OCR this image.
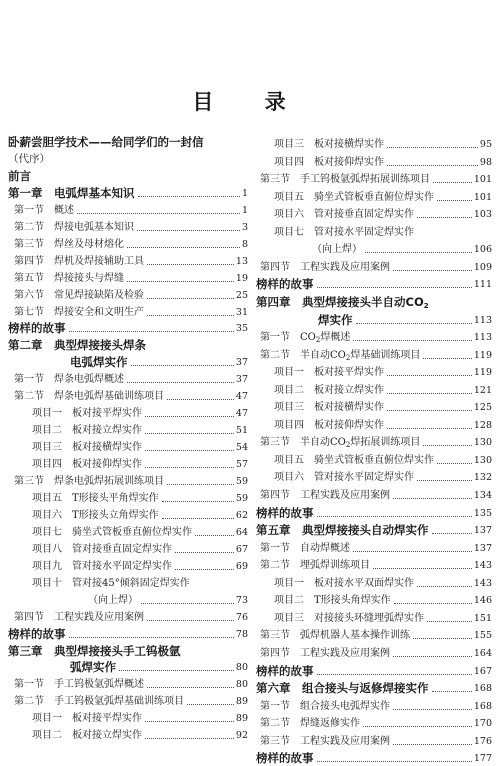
目 录
卧薪尝胆学技术——给同学们的一封信
（代序）
前言
第一章　电弧焊基本知识	1
第一节　概述	1
第二节　焊接电弧基本知识	3
第三节　焊丝及母材熔化	8
第四节　焊机及焊接辅助工具	13
第五节　焊接接头与焊缝	19
第六节　常见焊接缺陷及检验	25
第七节　焊接安全和文明生产	31
榜样的故事	35
第二章　典型焊接接头焊条
电弧焊实作	37
第一节　焊条电弧焊概述	37
第二节　焊条电弧焊基础训练项目	47
项目一　板对接平焊实作	47
项目二　板对接立焊实作	51
项目三　板对接横焊实作	54
项目四　板对接仰焊实作	57
第三节　焊条电弧焊拓展训练项目	59
项目五　T形接头平角焊实作	59
项目六　T形接头立角焊实作	62
项目七　骑坐式管板垂直俯位焊实作	64
项目八　管对接垂直固定焊实作	67
项目九　管对接水平固定焊实作	69
项目十　管对接45°倾斜固定焊实作
（向上焊）	73
第四节　工程实践及应用案例	76
榜样的故事	78
第三章　典型焊接接头手工钨极氩
弧焊实作	80
第一节　手工钨极氩弧焊概述	80
第二节　手工钨极氩弧焊基础训练项目	89
项目一　板对接平焊实作	89
项目二　板对接立焊实作	92
项目三　板对接横焊实作	95
项目四　板对接仰焊实作	98
第三节　手工钨极氩弧焊拓展训练项目	101
项目五　骑坐式管板垂直俯位焊实作	101
项目六　管对接垂直固定焊实作	103
项目七　管对接水平固定焊实作
（向上焊）	106
第四节　工程实践及应用案例	109
榜样的故事	111
第四章　典型焊接接头半自动$CO_2$
焊实作	113
第一节　$CO_2$焊概述	113
第二节　半自动$CO_2$焊基础训练项目	119
项目一　板对接平焊实作	119
项目二　板对接立焊实作	121
项目三　板对接横焊实作	125
项目四　板对接仰焊实作	128
第三节　半自动$CO_2$焊拓展训练项目	130
项目五　骑坐式管板垂直俯位焊实作	130
项目六　管对接水平固定焊实作	132
第四节　工程实践及应用案例	134
榜样的故事	135
第五章　典型焊接接头自动焊实作	137
第一节　自动焊概述	137
第二节　埋弧焊训练项目	143
项目一　板对接水平双面焊实作	143
项目二　T形接头角焊实作	146
项目三　对接接头环缝埋弧焊实作	151
第三节　弧焊机器人基本操作训练	155
第四节　工程实践及应用案例	164
榜样的故事	167
第六章　组合接头与返修焊接实作	168
第一节　组合接头电弧焊实作	168
第二节　焊缝返修实作	170
第三节　工程实践及应用案例	176
榜样的故事	177
